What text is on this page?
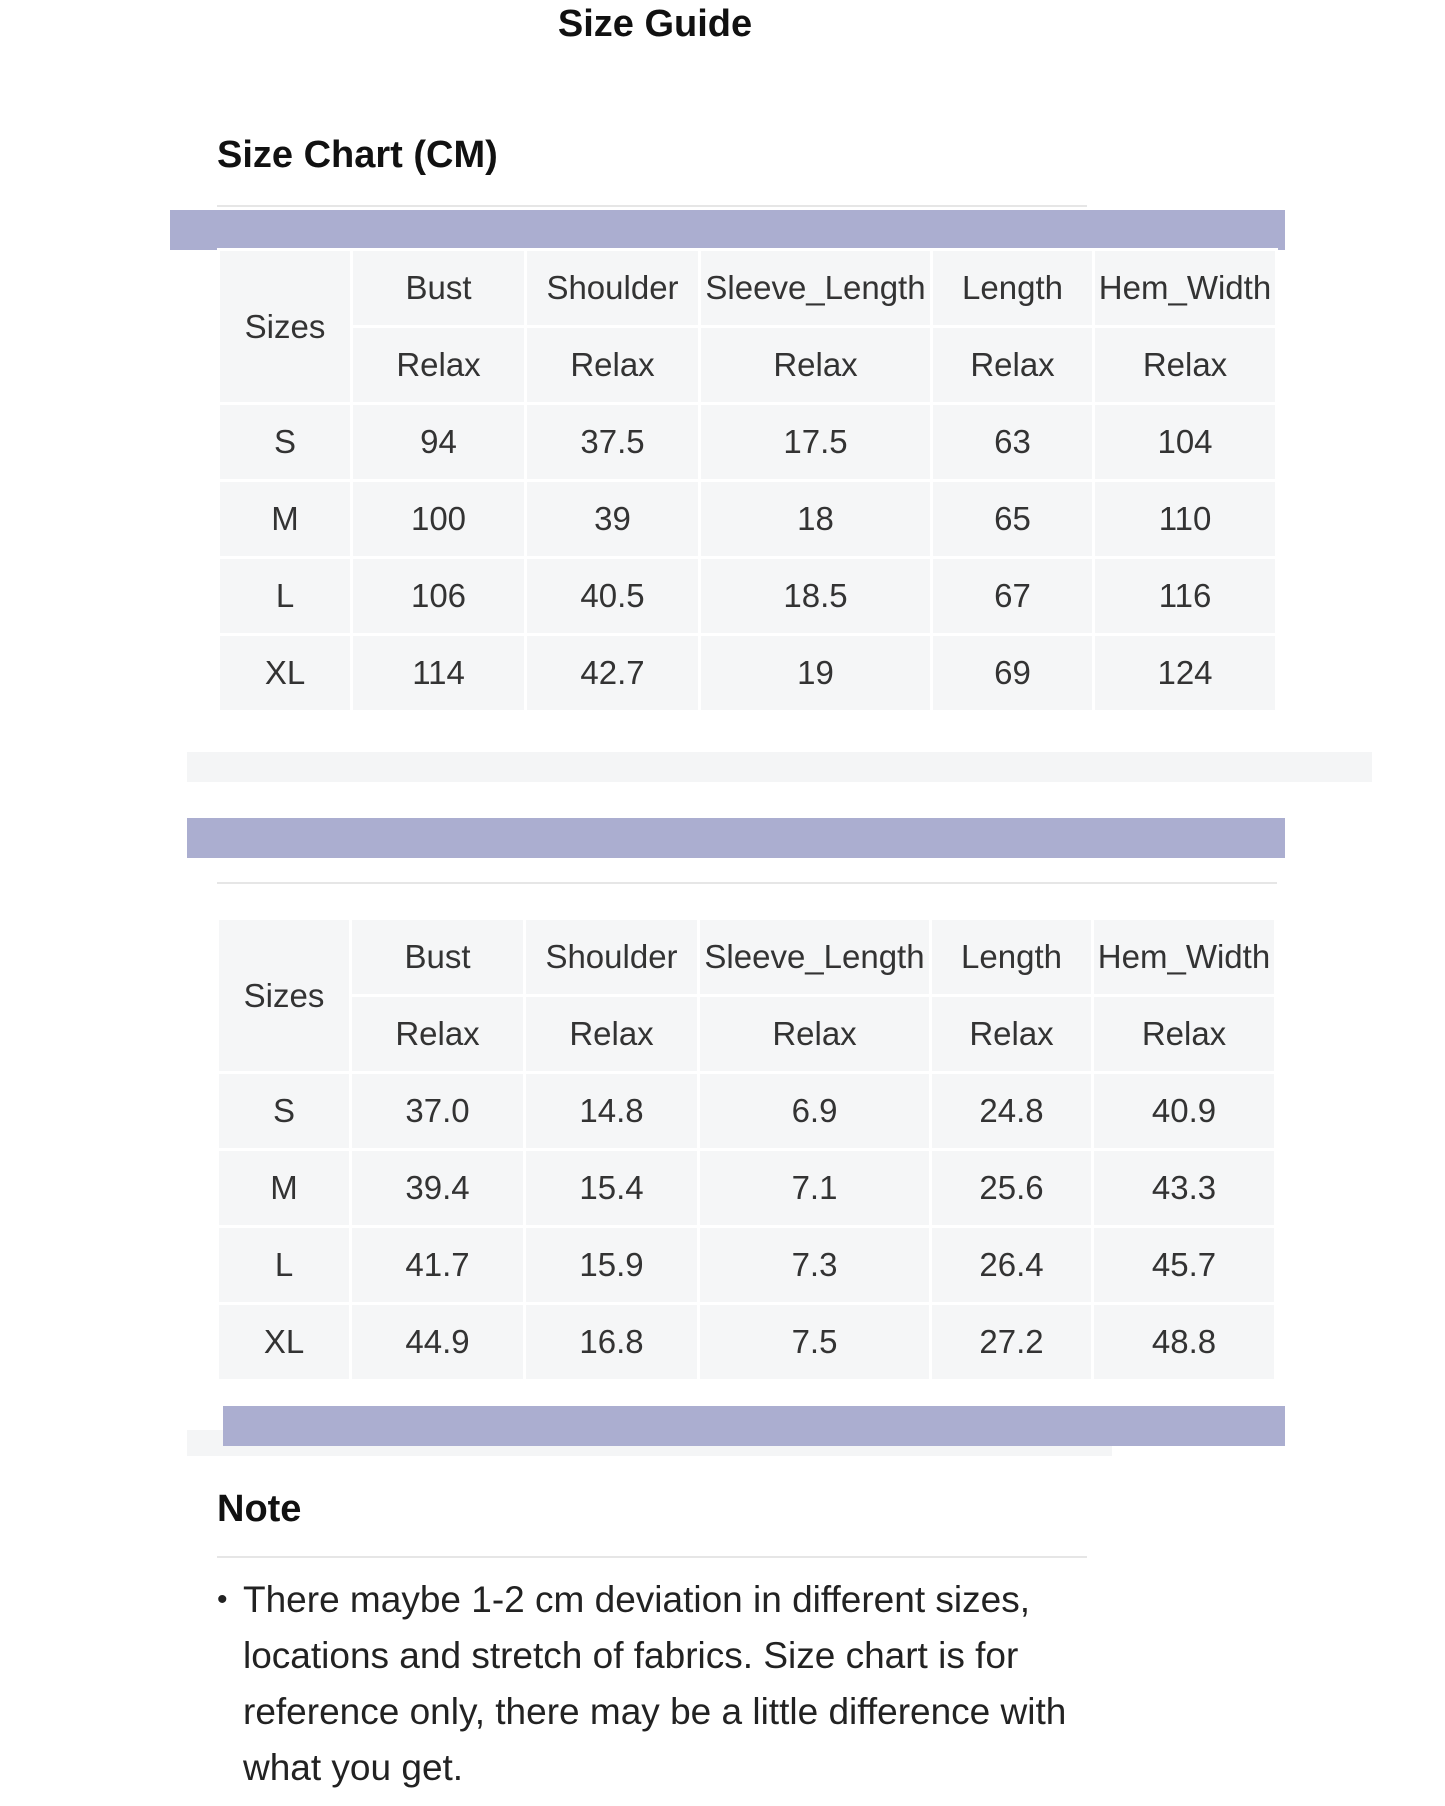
Size Guide
Size Chart (CM)
Sizes	Bust	Shoulder	Sleeve_Length	Length	Hem_Width
	Relax	Relax	Relax	Relax	Relax
S	94	37.5	17.5	63	104
M	100	39	18	65	110
L	106	40.5	18.5	67	116
XL	114	42.7	19	69	124
Sizes	Bust	Shoulder	Sleeve_Length	Length	Hem_Width
	Relax	Relax	Relax	Relax	Relax
S	37.0	14.8	6.9	24.8	40.9
M	39.4	15.4	7.1	25.6	43.3
L	41.7	15.9	7.3	26.4	45.7
XL	44.9	16.8	7.5	27.2	48.8
Note
• There maybe 1-2 cm deviation in different sizes, locations and stretch of fabrics. Size chart is for reference only, there may be a little difference with what you get.
